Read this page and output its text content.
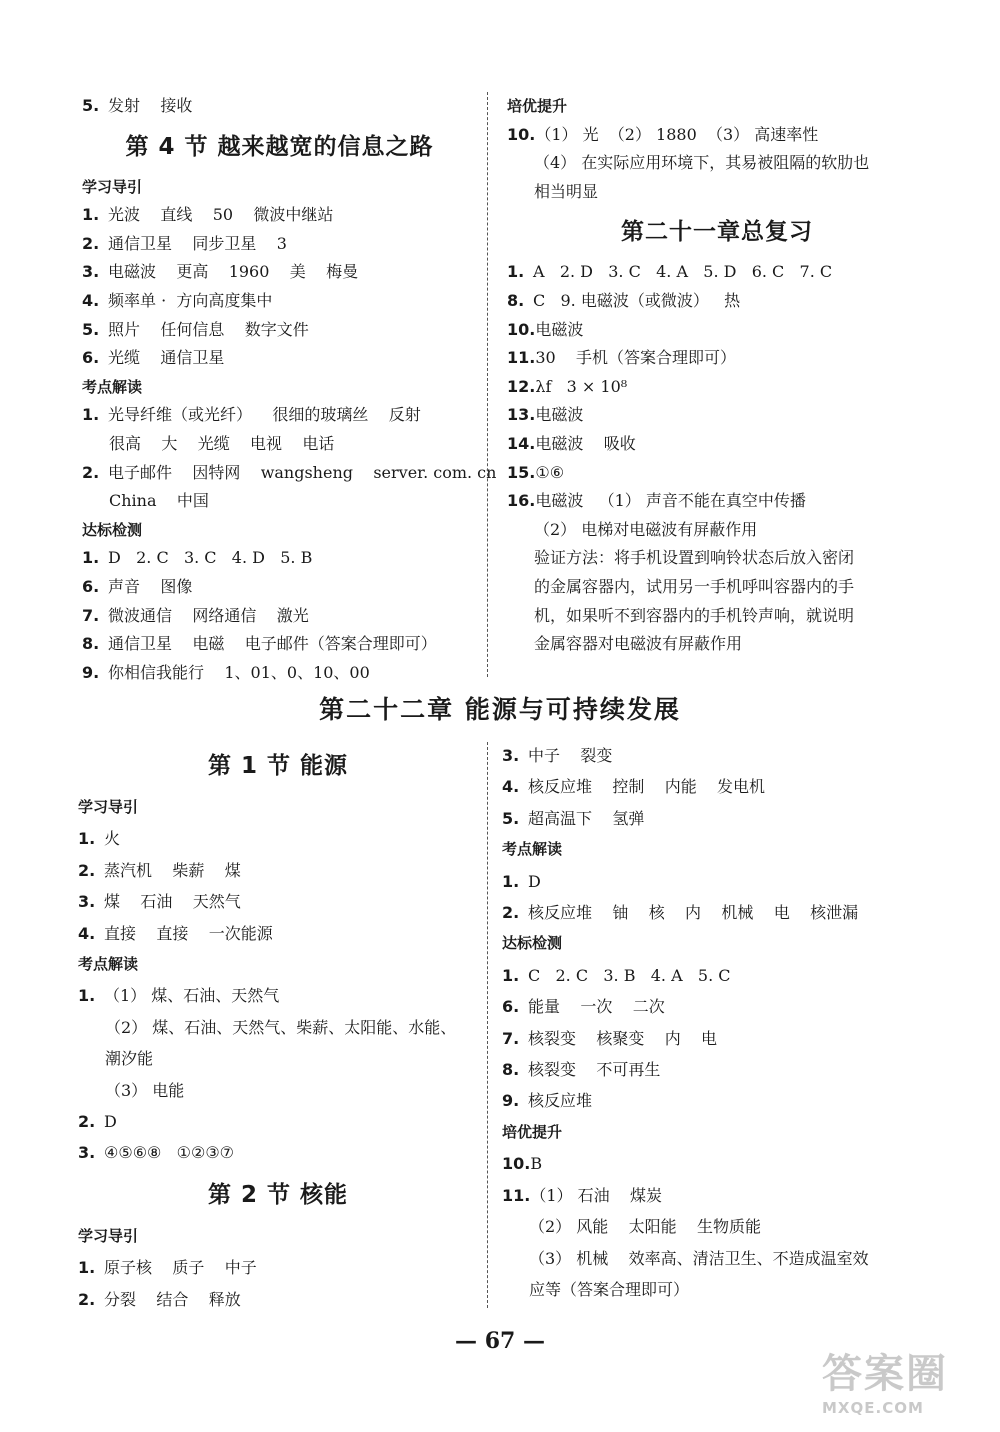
5. 发射    接收
第 4 节 越来越宽的信息之路
学习导引
1. 光波    直线    50    微波中继站
2. 通信卫星    同步卫星    3
3. 电磁波    更高    1960    美    梅曼
4. 频率单 ·  方向高度集中
5. 照片    任何信息    数字文件
6. 光缆    通信卫星
考点解读
1. 光导纤维（或光纤）    很细的玻璃丝    反射
很高    大    光缆    电视    电话
2. 电子邮件    因特网    wangsheng    server. com. cn
China    中国
达标检测
1. D   2. C   3. C   4. D   5. B
6. 声音    图像
7. 微波通信    网络通信    激光
8. 通信卫星    电磁    电子邮件（答案合理即可）
9. 你相信我能行    1、01、0、10、00
培优提升
10.（1） 光  （2） 1880  （3） 高速率性
（4） 在实际应用环境下，其易被阻隔的软肋也
相当明显
第二十一章总复习
1. A   2. D   3. C   4. A   5. D   6. C   7. C
8. C   9. 电磁波（或微波）   热
10.电磁波
11.30    手机（答案合理即可）
12.λf   3 × 10⁸
13.电磁波
14.电磁波    吸收
15.①⑥
16.电磁波   （1） 声音不能在真空中传播
（2） 电梯对电磁波有屏蔽作用
验证方法：将手机设置到响铃状态后放入密闭
的金属容器内，试用另一手机呼叫容器内的手
机，如果听不到容器内的手机铃声响，就说明
金属容器对电磁波有屏蔽作用
第二十二章 能源与可持续发展
第 1 节 能源
学习导引
1. 火
2. 蒸汽机    柴薪    煤
3. 煤    石油    天然气
4. 直接    直接    一次能源
考点解读
1. （1） 煤、石油、天然气
（2） 煤、石油、天然气、柴薪、太阳能、水能、
潮汐能
（3） 电能
2. D
3. ④⑤⑥⑧   ①②③⑦
第 2 节 核能
学习导引
1. 原子核    质子    中子
2. 分裂    结合    释放
3. 中子    裂变
4. 核反应堆    控制    内能    发电机
5. 超高温下    氢弹
考点解读
1. D
2. 核反应堆    铀    核    内    机械    电    核泄漏
达标检测
1. C   2. C   3. B   4. A   5. C
6. 能量    一次    二次
7. 核裂变    核聚变    内    电
8. 核裂变    不可再生
9. 核反应堆
培优提升
10.B
11.（1） 石油    煤炭
（2） 风能    太阳能    生物质能
（3） 机械    效率高、清洁卫生、不造成温室效
应等（答案合理即可）
— 67 —
答案圈
MXQE.COM
